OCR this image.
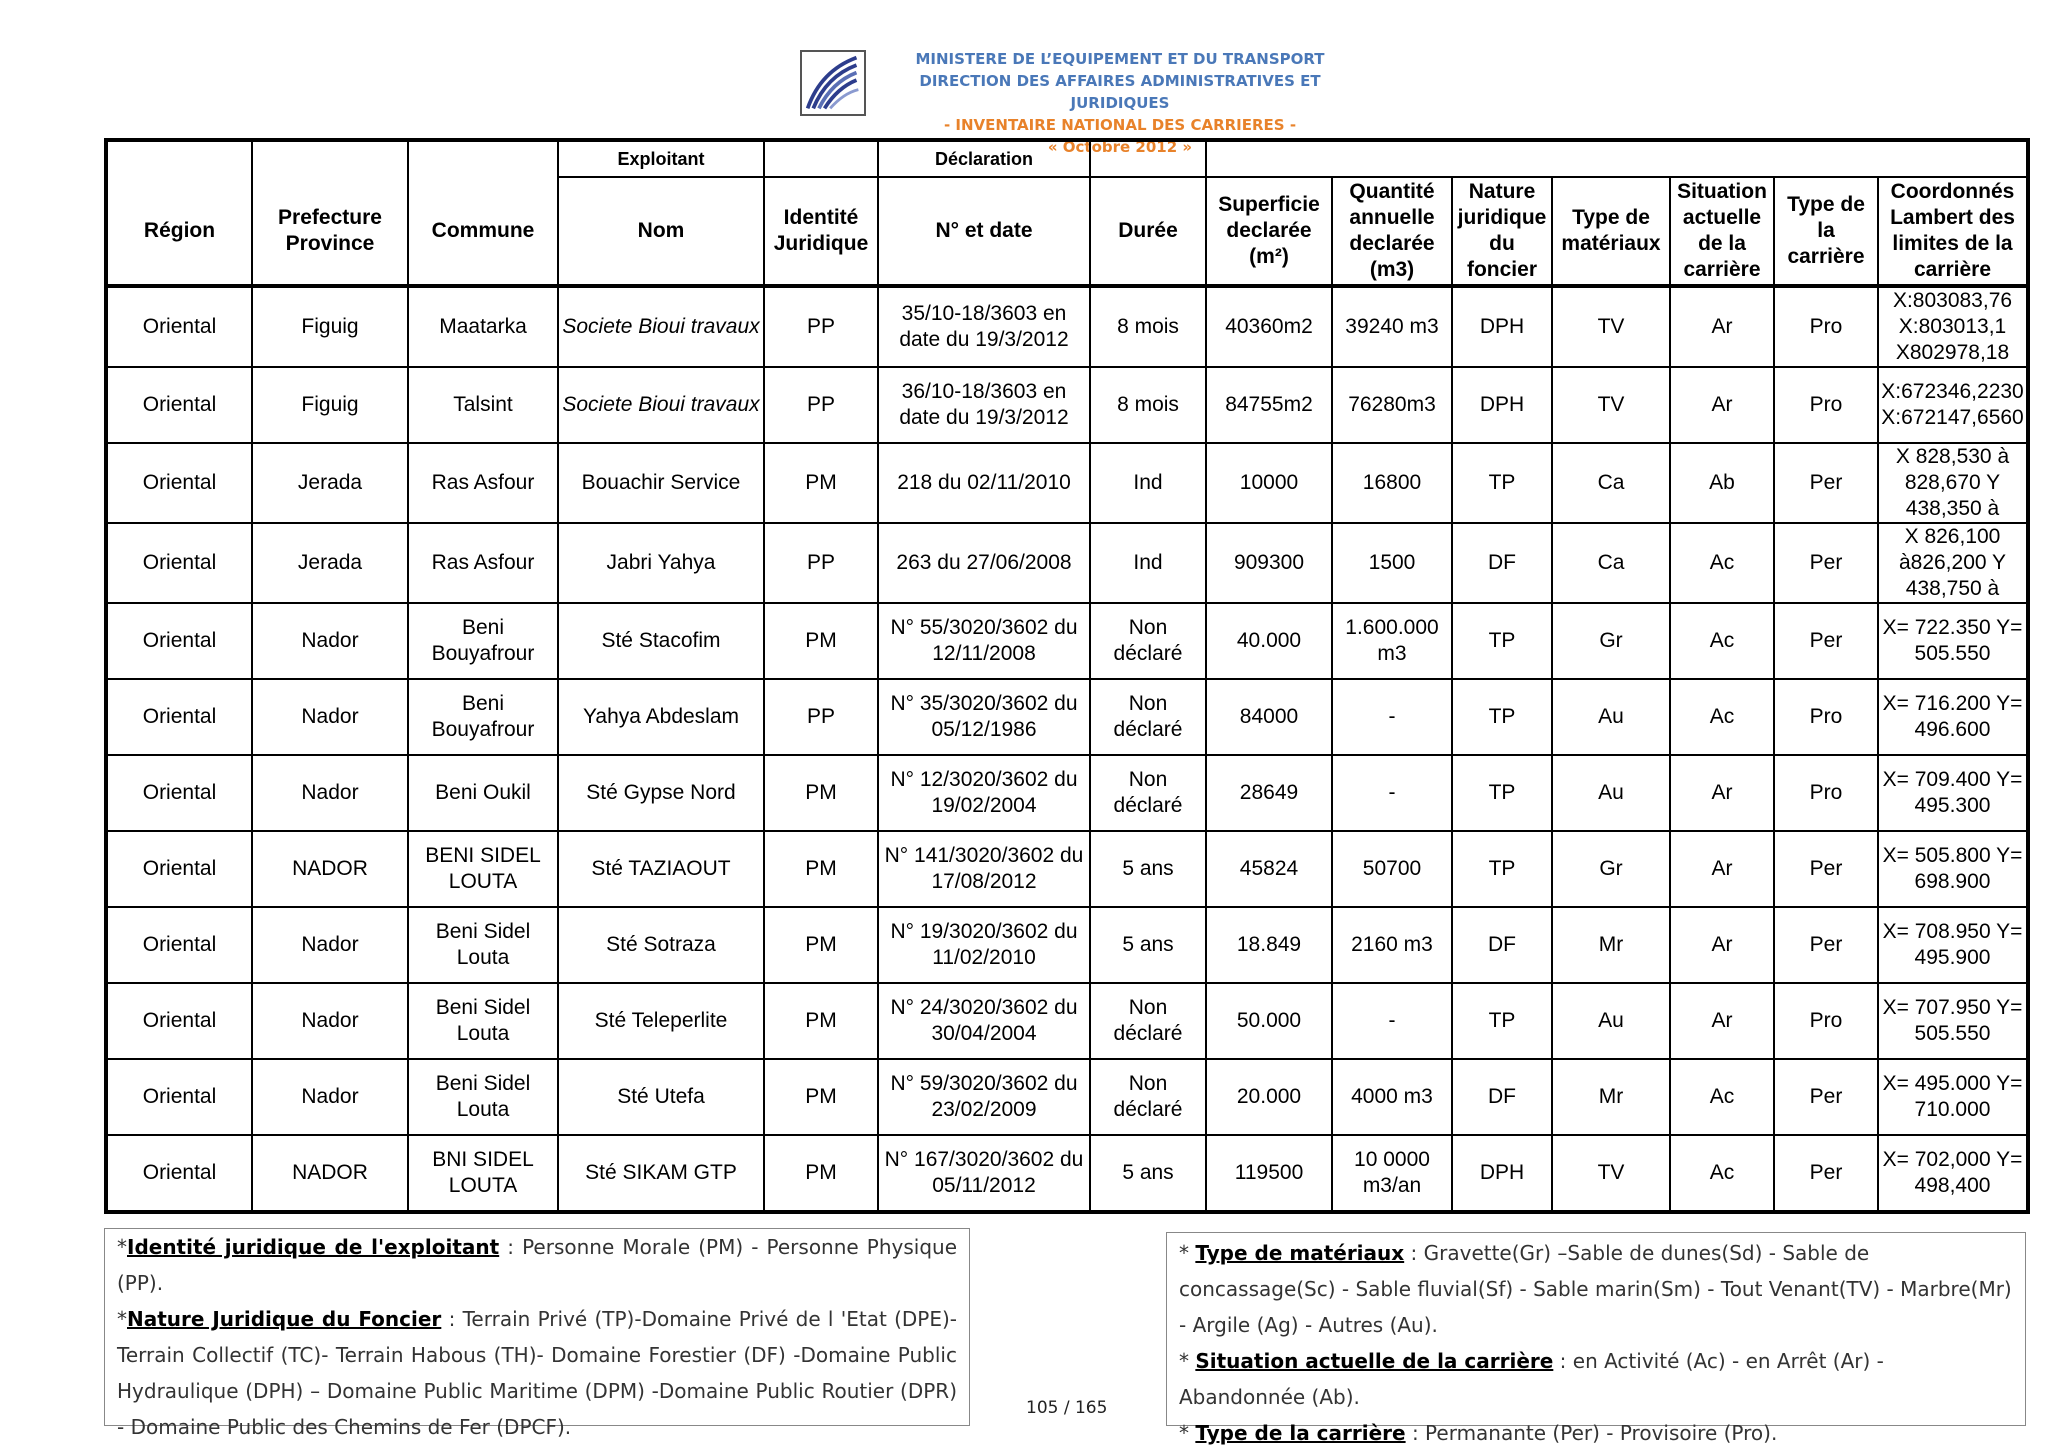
MINISTERE DE L’EQUIPEMENT ET DU TRANSPORT
DIRECTION DES AFFAIRES ADMINISTRATIVES ET JURIDIQUES
- INVENTAIRE NATIONAL DES CARRIERES -
« Octobre 2012 »
			Exploitant		Déclaration								
Région	Prefecture Province	Commune	Nom	Identité Juridique	N° et date	Durée	Superficie declarée (m²)	Quantité annuelle declarée (m3)	Nature juridique du foncier	Type de matériaux	Situation actuelle de la carrière	Type de la carrière	Coordonnés Lambert des limites de la carrière
Oriental	Figuig	Maatarka	Societe Bioui travaux	PP	35/10-18/3603 en date du 19/3/2012	8 mois	40360m2	39240 m3	DPH	TV	Ar	Pro	X:803083,76 X:803013,1 X802978,18
Oriental	Figuig	Talsint	Societe Bioui travaux	PP	36/10-18/3603 en date du 19/3/2012	8 mois	84755m2	76280m3	DPH	TV	Ar	Pro	X:672346,2230 X:672147,6560
Oriental	Jerada	Ras Asfour	Bouachir Service	PM	218 du 02/11/2010	Ind	10000	16800	TP	Ca	Ab	Per	X 828,530 à 828,670 Y 438,350 à
Oriental	Jerada	Ras Asfour	Jabri Yahya	PP	263 du 27/06/2008	Ind	909300	1500	DF	Ca	Ac	Per	X 826,100 à826,200 Y 438,750 à
Oriental	Nador	Beni Bouyafrour	Sté Stacofim	PM	N° 55/3020/3602 du 12/11/2008	Non déclaré	40.000	1.600.000 m3	TP	Gr	Ac	Per	X= 722.350 Y= 505.550
Oriental	Nador	Beni Bouyafrour	Yahya Abdeslam	PP	N° 35/3020/3602 du 05/12/1986	Non déclaré	84000	-	TP	Au	Ac	Pro	X= 716.200 Y= 496.600
Oriental	Nador	Beni Oukil	Sté Gypse Nord	PM	N° 12/3020/3602 du 19/02/2004	Non déclaré	28649	-	TP	Au	Ar	Pro	X= 709.400 Y= 495.300
Oriental	NADOR	BENI SIDEL LOUTA	Sté TAZIAOUT	PM	N° 141/3020/3602 du 17/08/2012	5 ans	45824	50700	TP	Gr	Ar	Per	X= 505.800 Y= 698.900
Oriental	Nador	Beni Sidel Louta	Sté Sotraza	PM	N° 19/3020/3602 du 11/02/2010	5 ans	18.849	2160 m3	DF	Mr	Ar	Per	X= 708.950 Y= 495.900
Oriental	Nador	Beni Sidel Louta	Sté Teleperlite	PM	N° 24/3020/3602 du 30/04/2004	Non déclaré	50.000	-	TP	Au	Ar	Pro	X= 707.950 Y= 505.550
Oriental	Nador	Beni Sidel Louta	Sté Utefa	PM	N° 59/3020/3602 du 23/02/2009	Non déclaré	20.000	4000 m3	DF	Mr	Ac	Per	X= 495.000 Y= 710.000
Oriental	NADOR	BNI SIDEL LOUTA	Sté SIKAM GTP	PM	N° 167/3020/3602 du 05/11/2012	5 ans	119500	10 0000 m3/an	DPH	TV	Ac	Per	X= 702,000 Y= 498,400
*Identité juridique de l'exploitant : Personne Morale (PM) - Personne Physique (PP).
*Nature Juridique du Foncier : Terrain Privé (TP)-Domaine Privé de l 'Etat (DPE)- Terrain Collectif (TC)- Terrain Habous (TH)- Domaine Forestier (DF) -Domaine Public Hydraulique (DPH) – Domaine Public Maritime (DPM) -Domaine Public Routier (DPR) - Domaine Public des Chemins de Fer (DPCF).
* Type de matériaux : Gravette(Gr) –Sable de dunes(Sd) - Sable de concassage(Sc) - Sable fluvial(Sf) - Sable marin(Sm) - Tout Venant(TV) - Marbre(Mr) - Argile (Ag) - Autres (Au).
* Situation actuelle de la carrière : en Activité (Ac) - en Arrêt (Ar) - Abandonnée (Ab).
* Type de la carrière : Permanante (Per) - Provisoire (Pro).
105 / 165
